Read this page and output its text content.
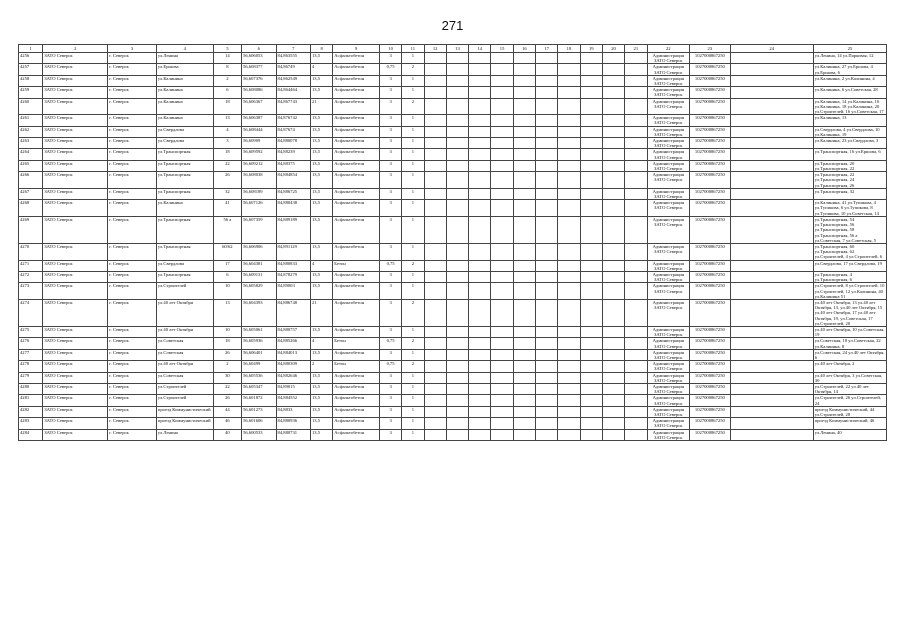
271
1	2	3	4	5	6	7	8	9	10	11	12	13	14	15	16	17	18	19	20	21	22	23	24	25
4256	ЗАТО Северск	г. Северск	ул.Ленина	14	56,606053	84,863555	13,5	Асфальтобетон	3	1											Администрация ЗАТО Северск	1027000867250		ул.Ленина, 14 ул.Парковая, 12
4257	ЗАТО Северск	г. Северск	ул.Ершова	8	56,608377	84,86749	4	Асфальтобетон	0,75	2											Администрация ЗАТО Северск	1027000867250		ул.Калинина, 27 ул.Ершова, 4 ул.Ершова, 6
4258	ЗАТО Северск	г. Северск	ул.Калинина	2	56,607376	84,862549	13,5	Асфальтобетон	3	1											Администрация ЗАТО Северск	1027000867250		ул.Калинина, 2 ул.Калинина, 4
4259	ЗАТО Северск	г. Северск	ул.Калинина	6	56,608086	84,864464	13,5	Асфальтобетон	3	1											Администрация ЗАТО Северск	1027000867250		ул.Калинина, 6 ул.Советская, 28
4260	ЗАТО Северск	г. Северск	ул.Калинина	18	56,606367	84,867743	21	Асфальтобетон	3	2											Администрация ЗАТО Северск	1027000867250		ул.Калинина, 14 ул.Калинина, 16 ул.Калинина, 18 ул.Калинина, 20 ул.Строителей, 16 ул.Советская, 17
4261	ЗАТО Северск	г. Северск	ул.Калинина	13	56,606387	84,876742	13,5	Асфальтобетон	3	1											Администрация ЗАТО Северск	1027000867250		ул.Калинина, 13
4262	ЗАТО Северск	г. Северск	ул.Свердлова	4	56,608444	84,87674	13,5	Асфальтобетон	3	1											Администрация ЗАТО Северск	1027000867250		ул.Свердлова, 4 ул.Свердлова, 10 ул.Калинина, 19
4263	ЗАТО Северск	г. Северск	ул.Свердлова	3	56,60909	84,880078	13,5	Асфальтобетон	3	1											Администрация ЗАТО Северск	1027000867250		ул.Калинина, 23 ул.Свердлова, 3
4264	ЗАТО Северск	г. Северск	ул.Транспортная	18	56,609592	84,88239	13,5	Асфальтобетон	3	1											Администрация ЗАТО Северск	1027000867250		ул.Транспортная, 16 ул.Ершова, 6
4265	ЗАТО Северск	г. Северск	ул.Транспортная	22	56,609212	84,88375	13,5	Асфальтобетон	3	1											Администрация ЗАТО Северск	1027000867250		ул.Транспортная, 20 ул.Транспортная, 22
4266	ЗАТО Северск	г. Северск	ул.Транспортная	26	56,608038	84,884854	13,5	Асфальтобетон	3	1											Администрация ЗАТО Северск	1027000867250		ул.Транспортная, 22 ул.Транспортная, 24 ул.Транспортная, 26
4267	ЗАТО Северск	г. Северск	ул.Транспортная	32	56,608189	84,886725	13,5	Асфальтобетон	3	1											Администрация ЗАТО Северск	1027000867250		ул.Транспортная, 32
4268	ЗАТО Северск	г. Северск	ул.Калинина	41	56,607126	84,880438	13,5	Асфальтобетон	3	1											Администрация ЗАТО Северск	1027000867250		ул.Калинина, 41 ул.Тупикова, 4 ул.Тупикова, 6 ул.Тупикова, 8 ул.Тупикова, 10 ул.Советская, 14
4269	ЗАТО Северск	г. Северск	ул.Транспортная	56 а	56,607359	84,889189	13,5	Асфальтобетон	3	1											Администрация ЗАТО Северск	1027000867250		ул.Транспортная, 54 ул.Транспортная, 56 ул.Транспортная, 58 ул.Транспортная, 56 а ул.Советская, 7 ул.Советская, 5
4270	ЗАТО Северск	г. Северск	ул.Транспортная	60/62	56,606906	84,891129	13,5	Асфальтобетон	3	1											Администрация ЗАТО Северск	1027000867250		ул.Транспортная, 60 ул.Транспортная, 62 ул.Строителей, 4 ул.Строителей, 6
4271	ЗАТО Северск	г. Северск	ул.Свердлова	17	56,604381	84,880833	4	Бетон	0,75	2											Администрация ЗАТО Северск	1027000867250		ул.Свердлова, 17 ул.Свердлова, 19
4272	ЗАТО Северск	г. Северск	ул.Транспортная	6	56,609131	84,878279	13,5	Асфальтобетон	3	1											Администрация ЗАТО Северск	1027000867250		ул.Транспортная, 4 ул.Транспортная, 6
4273	ЗАТО Северск	г. Северск	ул.Строителей	10	56,605829	84,89003	13,5	Асфальтобетон	3	1											Администрация ЗАТО Северск	1027000867250		ул.Строителей, 8 ул.Строителей, 10 ул.Строителей, 12 ул.Калинина, 40 ул.Калинина 51
4274	ЗАТО Северск	г. Северск	ул.40 лет Октября	13	56,604393	84,886748	21	Асфальтобетон	3	2											Администрация ЗАТО Северск	1027000867250		ул.40 лет Октября, 13 ул.40 лет Октября, 13, ул.40 лет Октября, 15 ул.40 лет Октября, 17 ул.40 лет Октября, 19, ул.Советская, 17 ул.Строителей, 20
4275	ЗАТО Северск	г. Северск	ул.40 лет Октября	10	56,605061	84,880757	13,5	Асфальтобетон	3	1											Администрация ЗАТО Северск	1027000867250		ул.40 лет Октября, 10 ул.Советская, 19
4276	ЗАТО Северск	г. Северск	ул.Советская	18	56,605936	84,885266	4	Бетон	0,75	2											Администрация ЗАТО Северск	1027000867250		ул.Советская, 18 ул.Советская, 22 ул.Калинина, 8
4277	ЗАТО Северск	г. Северск	ул.Советская	26	56,606401	84,884013	13,5	Асфальтобетон	3	1											Администрация ЗАТО Северск	1027000867250		ул.Советская, 24 ул.40 лет Октября, 6
4278	ЗАТО Северск	г. Северск	ул.40 лет Октября	2	56,60499	84,880309	2	Бетон	0,75	2											Администрация ЗАТО Северск	1027000867250		ул.40 лет Октября, 2
4279	ЗАТО Северск	г. Северск	ул.Советская	30	56,605536	84,882646	13,5	Асфальтобетон	3	1											Администрация ЗАТО Северск	1027000867250		ул.40 лет Октября, 3 ул.Советская, 30
4280	ЗАТО Северск	г. Северск	ул.Строителей	22	56,605347	84,89015	13,5	Асфальтобетон	3	1											Администрация ЗАТО Северск	1027000867250		ул.Строителей, 22 ул.40 лет Октября, 14
4281	ЗАТО Северск	г. Северск	ул.Строителей	26	56,601872	84,884552	13,5	Асфальтобетон	3	1											Администрация ЗАТО Северск	1027000867250		ул.Строителей, 26 ул.Строителей, 24
4282	ЗАТО Северск	г. Северск	проезд Коммунистический	44	56,601273	84,8833	13,5	Асфальтобетон	3	1											Администрация ЗАТО Северск	1027000867250		проезд Коммунистический, 44 ул.Строителей, 28
4283	ЗАТО Северск	г. Северск	проезд Коммунистический	46	56,601606	84,880936	13,5	Асфальтобетон	3	1											Администрация ЗАТО Северск	1027000867250		проезд Коммунистический, 46
4284	ЗАТО Северск	г. Северск	ул.Ленина	40	56,600533	84,880731	13,5	Асфальтобетон	3	1											Администрация ЗАТО Северск	1027000867250		ул.Ленина, 40
